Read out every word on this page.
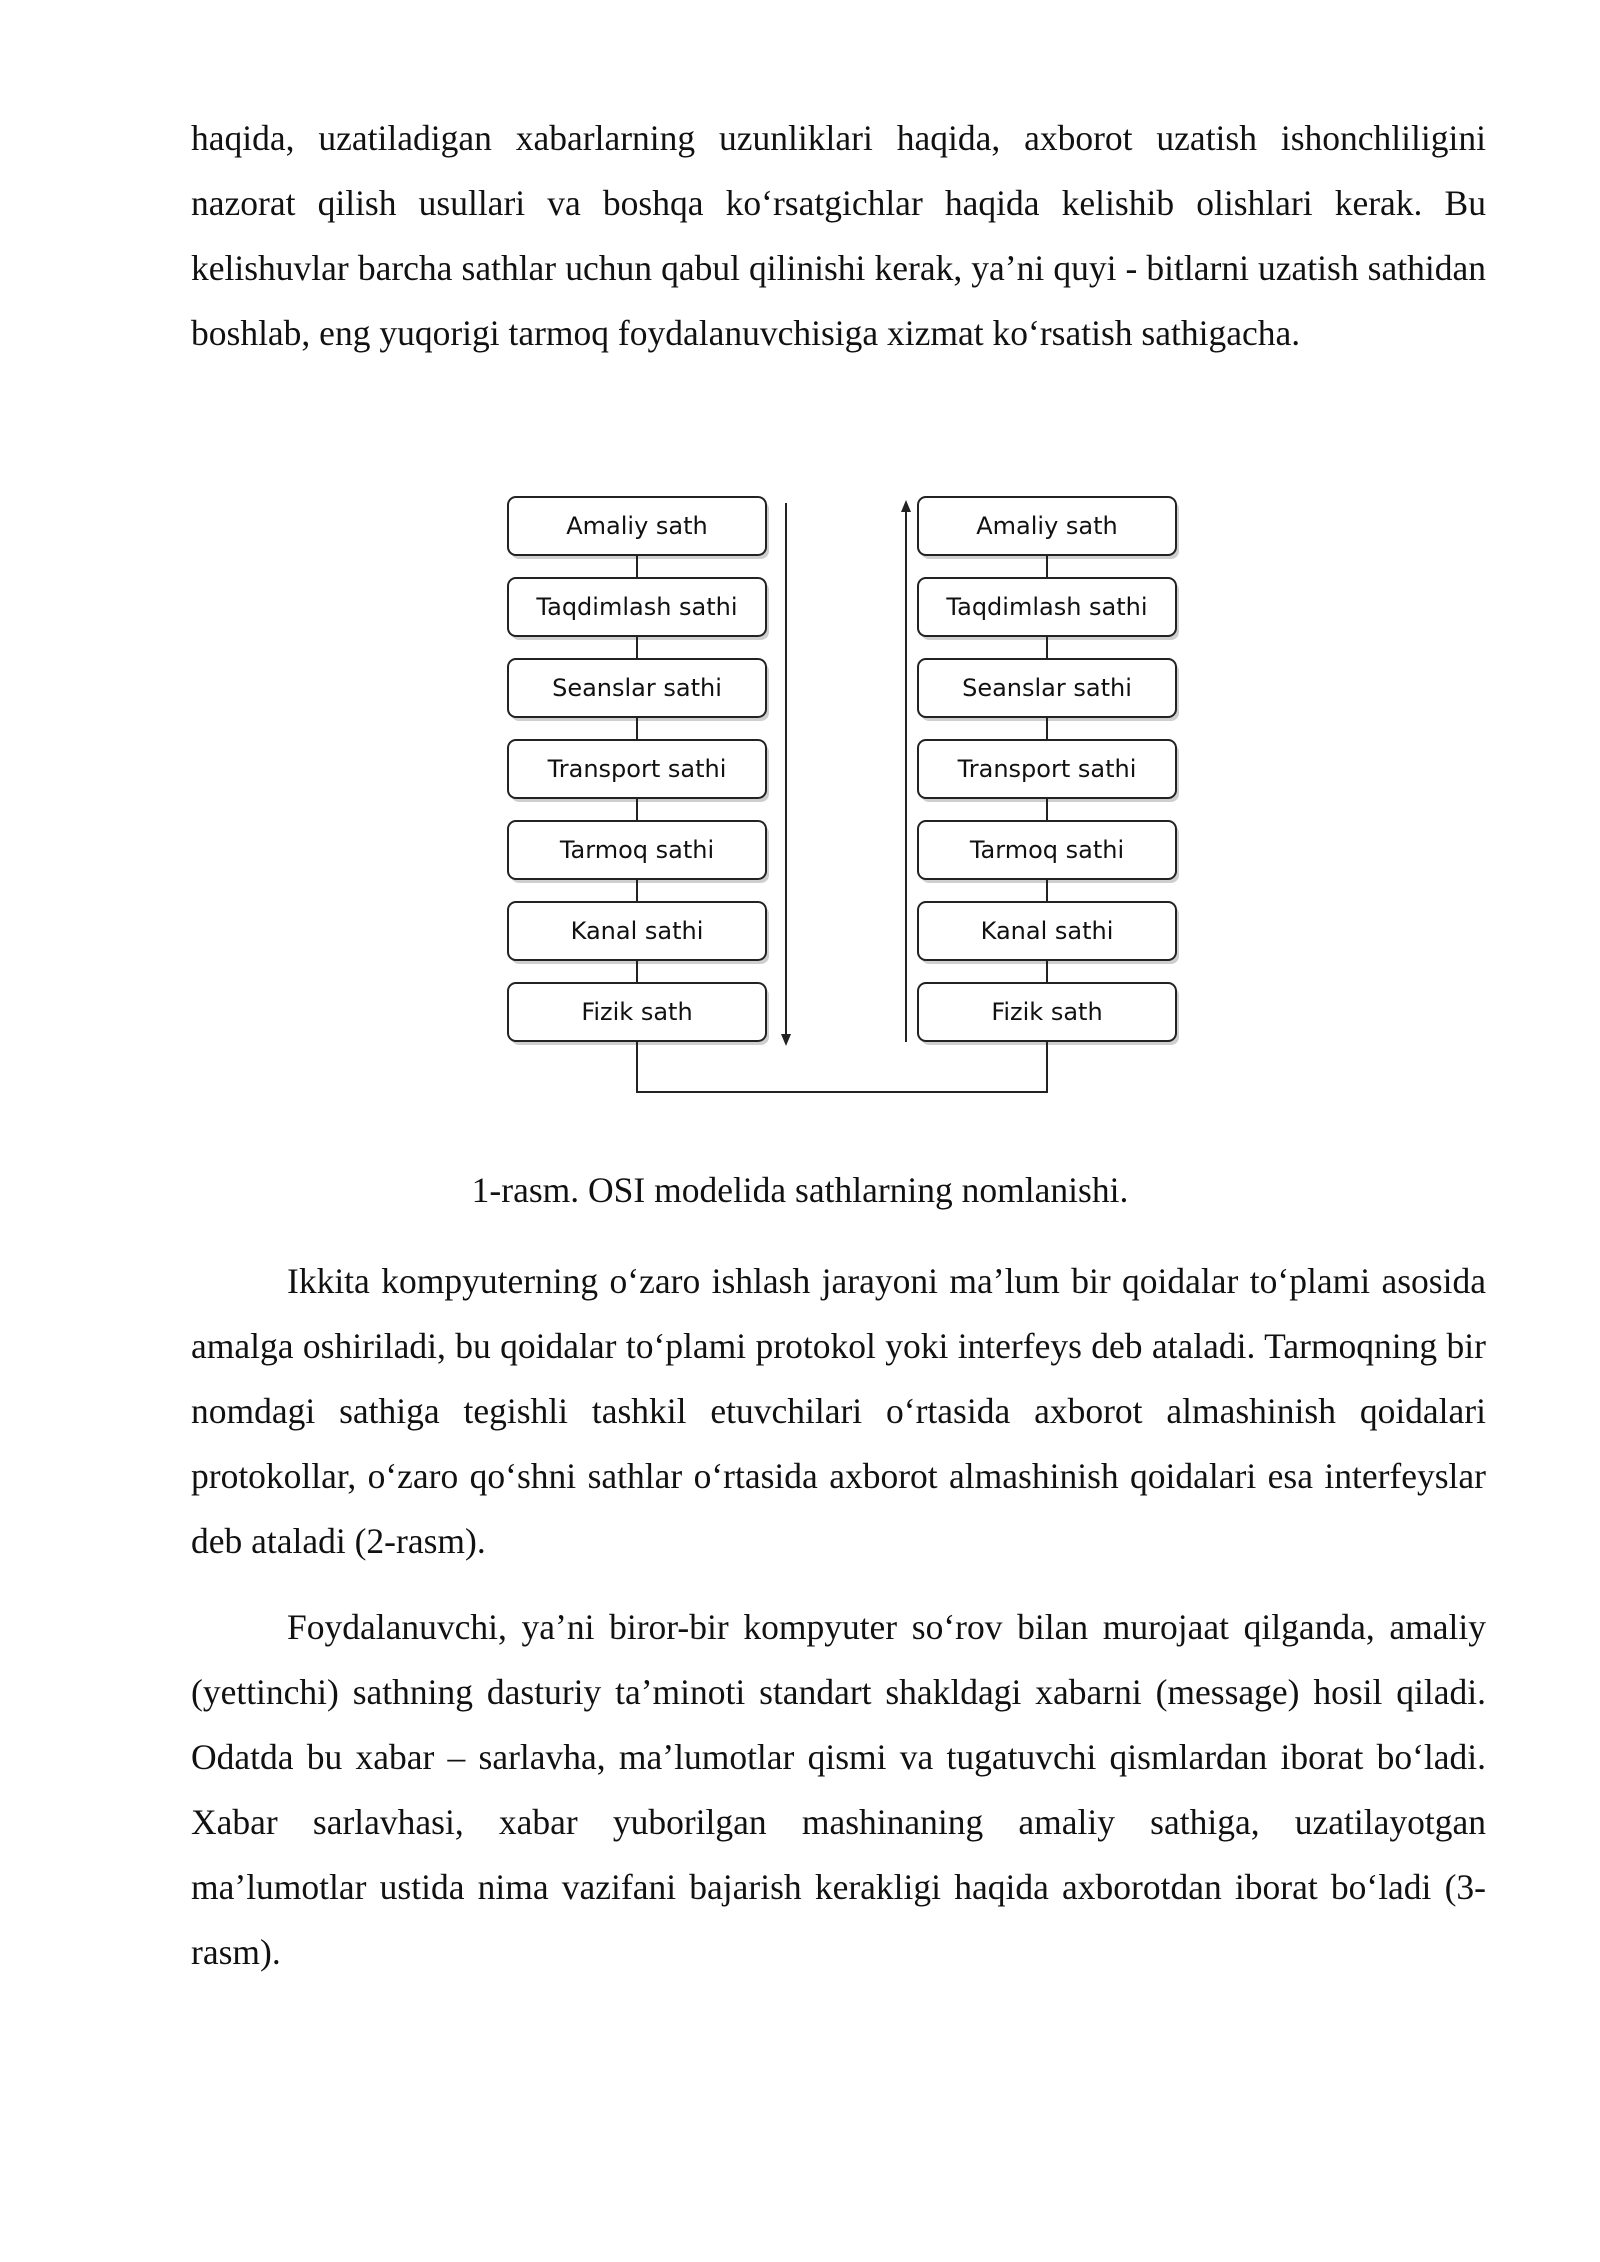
haqida, uzatiladigan xabarlarning uzunliklari haqida, axborot uzatish ishonchliligini nazorat qilish usullari va boshqa koʻrsatgichlar haqida kelishib olishlari kerak. Bu kelishuvlar barcha sathlar uchun qabul qilinishi kerak, yaʼni quyi - bitlarni uzatish sathidan boshlab, eng yuqorigi tarmoq foydalanuvchisiga xizmat koʻrsatish sathigacha.

Amaliy sath
Taqdimlash sathi
Seanslar sathi
Transport sathi
Tarmoq sathi
Kanal sathi
Fizik sath
Amaliy sath
Taqdimlash sathi
Seanslar sathi
Transport sathi
Tarmoq sathi
Kanal sathi
Fizik sath

1-rasm. OSI modelida sathlarning nomlanishi.

Ikkita kompyuterning oʻzaro ishlash jarayoni maʼlum bir qoidalar toʻplami asosida amalga oshiriladi, bu qoidalar toʻplami protokol yoki interfeys deb ataladi. Tarmoqning bir nomdagi sathiga tegishli tashkil etuvchilari oʻrtasida axborot almashinish qoidalari protokollar, oʻzaro qoʻshni sathlar oʻrtasida axborot almashinish qoidalari esa interfeyslar deb ataladi (2-rasm).

Foydalanuvchi, yaʼni biror-bir kompyuter soʻrov bilan murojaat qilganda, amaliy (yettinchi) sathning dasturiy taʼminoti standart shakldagi xabarni (message) hosil qiladi. Odatda bu xabar – sarlavha, maʼlumotlar qismi va tugatuvchi qismlardan iborat boʻladi. Xabar sarlavhasi, xabar yuborilgan mashinaning amaliy sathiga, uzatilayotgan maʼlumotlar ustida nima vazifani bajarish kerakligi haqida axborotdan iborat boʻladi (3-rasm).
